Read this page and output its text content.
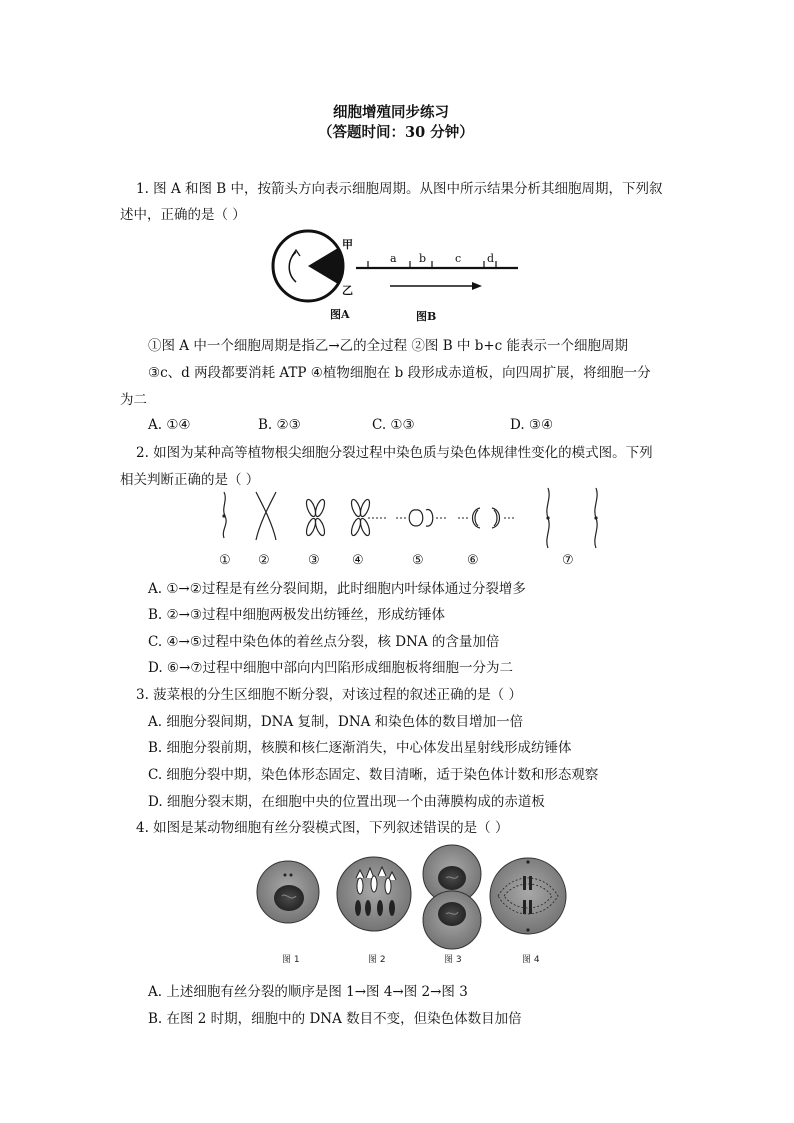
细胞增殖同步练习
（答题时间：30 分钟）
1. 图 A 和图 B 中，按箭头方向表示细胞周期。从图中所示结果分析其细胞周期，下列叙
述中，正确的是（ ）
甲
乙
图A
a b	c d
图B
①图 A 中一个细胞周期是指乙→乙的全过程 ②图 B 中 b+c 能表示一个细胞周期
③c、d 两段都要消耗 ATP ④植物细胞在 b 段形成赤道板，向四周扩展，将细胞一分
为二
A. ①④	B. ②③	C. ①③	D. ③④
2. 如图为某种高等植物根尖细胞分裂过程中染色质与染色体规律性变化的模式图。下列
相关判断正确的是（ ）
① ②	③ ④	⑤	⑥	⑦
A. ①→②过程是有丝分裂间期，此时细胞内叶绿体通过分裂增多
B. ②→③过程中细胞两极发出纺锤丝，形成纺锤体
C. ④→⑤过程中染色体的着丝点分裂，核 DNA 的含量加倍
D. ⑥→⑦过程中细胞中部向内凹陷形成细胞板将细胞一分为二
3. 菠菜根的分生区细胞不断分裂，对该过程的叙述正确的是（ ）
A. 细胞分裂间期，DNA 复制，DNA 和染色体的数目增加一倍
B. 细胞分裂前期，核膜和核仁逐渐消失，中心体发出星射线形成纺锤体
C. 细胞分裂中期，染色体形态固定、数目清晰，适于染色体计数和形态观察
D. 细胞分裂末期，在细胞中央的位置出现一个由薄膜构成的赤道板
4. 如图是某动物细胞有丝分裂模式图，下列叙述错误的是（ ）
图 1	图 2	图 3	图 4
A. 上述细胞有丝分裂的顺序是图 1→图 4→图 2→图 3
B. 在图 2 时期，细胞中的 DNA 数目不变，但染色体数目加倍
